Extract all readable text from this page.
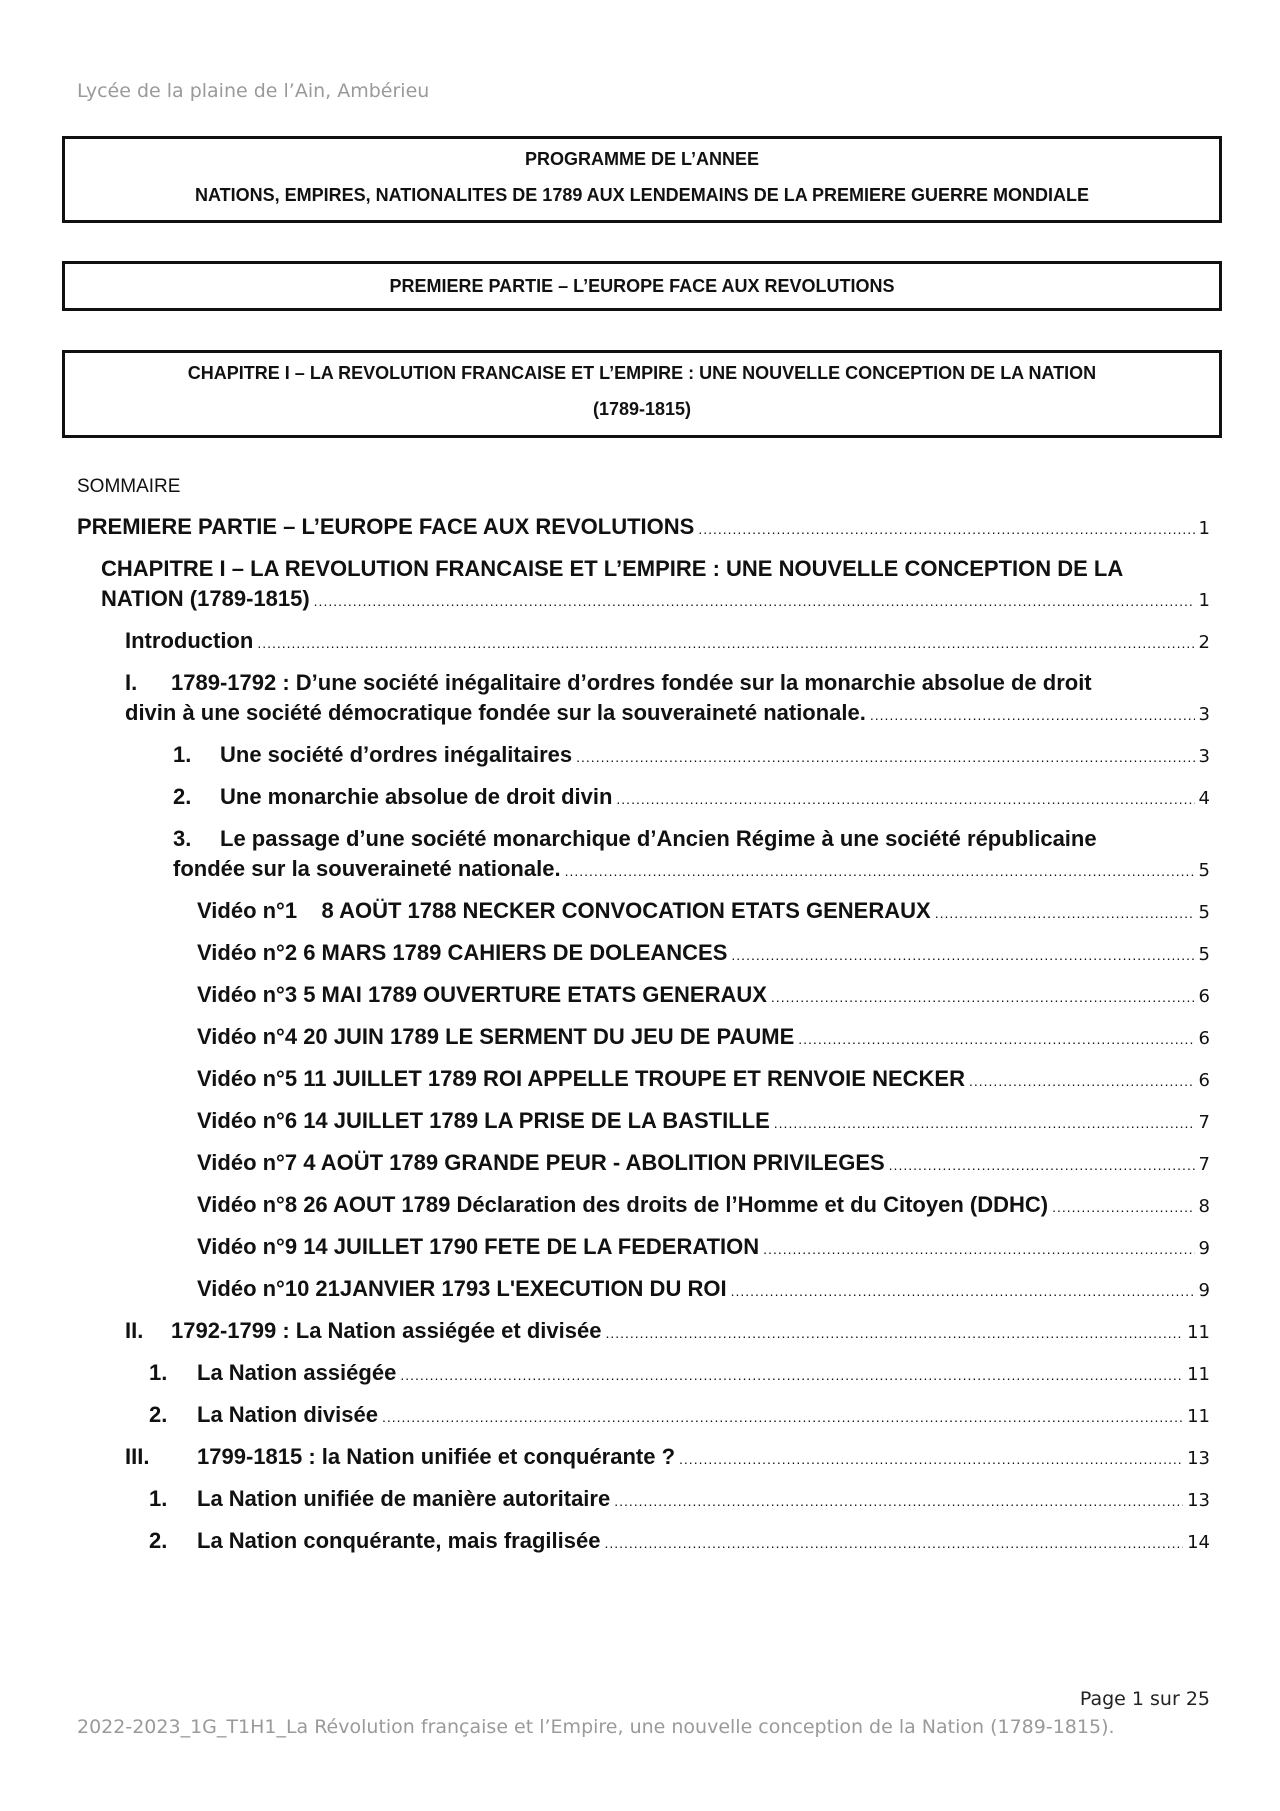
Lycée de la plaine de l’Ain, Ambérieu
PROGRAMME DE L’ANNEE
NATIONS, EMPIRES, NATIONALITES DE 1789 AUX LENDEMAINS DE LA PREMIERE GUERRE MONDIALE
PREMIERE PARTIE – L’EUROPE FACE AUX REVOLUTIONS
CHAPITRE I – LA REVOLUTION FRANCAISE ET L’EMPIRE : UNE NOUVELLE CONCEPTION DE LA NATION
(1789-1815)
SOMMAIRE
PREMIERE PARTIE – L’EUROPE FACE AUX REVOLUTIONS .....	1
CHAPITRE I – LA REVOLUTION FRANCAISE ET L’EMPIRE : UNE NOUVELLE CONCEPTION DE LA
NATION (1789-1815) .....	1
Introduction .....	2
I. 1789-1792 : D’une société inégalitaire d’ordres fondée sur la monarchie absolue de droit
divin à une société démocratique fondée sur la souveraineté nationale. .....	3
1.	Une société d’ordres inégalitaires .....	3
2.	Une monarchie absolue de droit divin .....	4
3. Le passage d’une société monarchique d’Ancien Régime à une société républicaine
fondée sur la souveraineté nationale. .....	5
Vidéo n°1    8 AOÜT 1788 NECKER CONVOCATION ETATS GENERAUX .....	5
Vidéo n°2 6 MARS 1789 CAHIERS DE DOLEANCES .....	5
Vidéo n°3 5 MAI 1789 OUVERTURE ETATS GENERAUX .....	6
Vidéo n°4 20 JUIN 1789 LE SERMENT DU JEU DE PAUME .....	6
Vidéo n°5 11 JUILLET 1789 ROI APPELLE TROUPE ET RENVOIE NECKER .....	6
Vidéo n°6 14 JUILLET 1789 LA PRISE DE LA BASTILLE .....	7
Vidéo n°7 4 AOÜT 1789 GRANDE PEUR - ABOLITION PRIVILEGES .....	7
Vidéo n°8 26 AOUT 1789 Déclaration des droits de l’Homme et du Citoyen (DDHC) .....	8
Vidéo n°9 14 JUILLET 1790 FETE DE LA FEDERATION .....	9
Vidéo n°10 21JANVIER 1793 L'EXECUTION DU ROI .....	9
II.	1792-1799 : La Nation assiégée et divisée .....	11
1.	La Nation assiégée .....	11
2.	La Nation divisée .....	11
III.	1799-1815 : la Nation unifiée et conquérante ? .....	13
1.	La Nation unifiée de manière autoritaire .....	13
2.	La Nation conquérante, mais fragilisée .....	14
Page 1 sur 25
2022-2023_1G_T1H1_La Révolution française et l’Empire, une nouvelle conception de la Nation (1789-1815).
